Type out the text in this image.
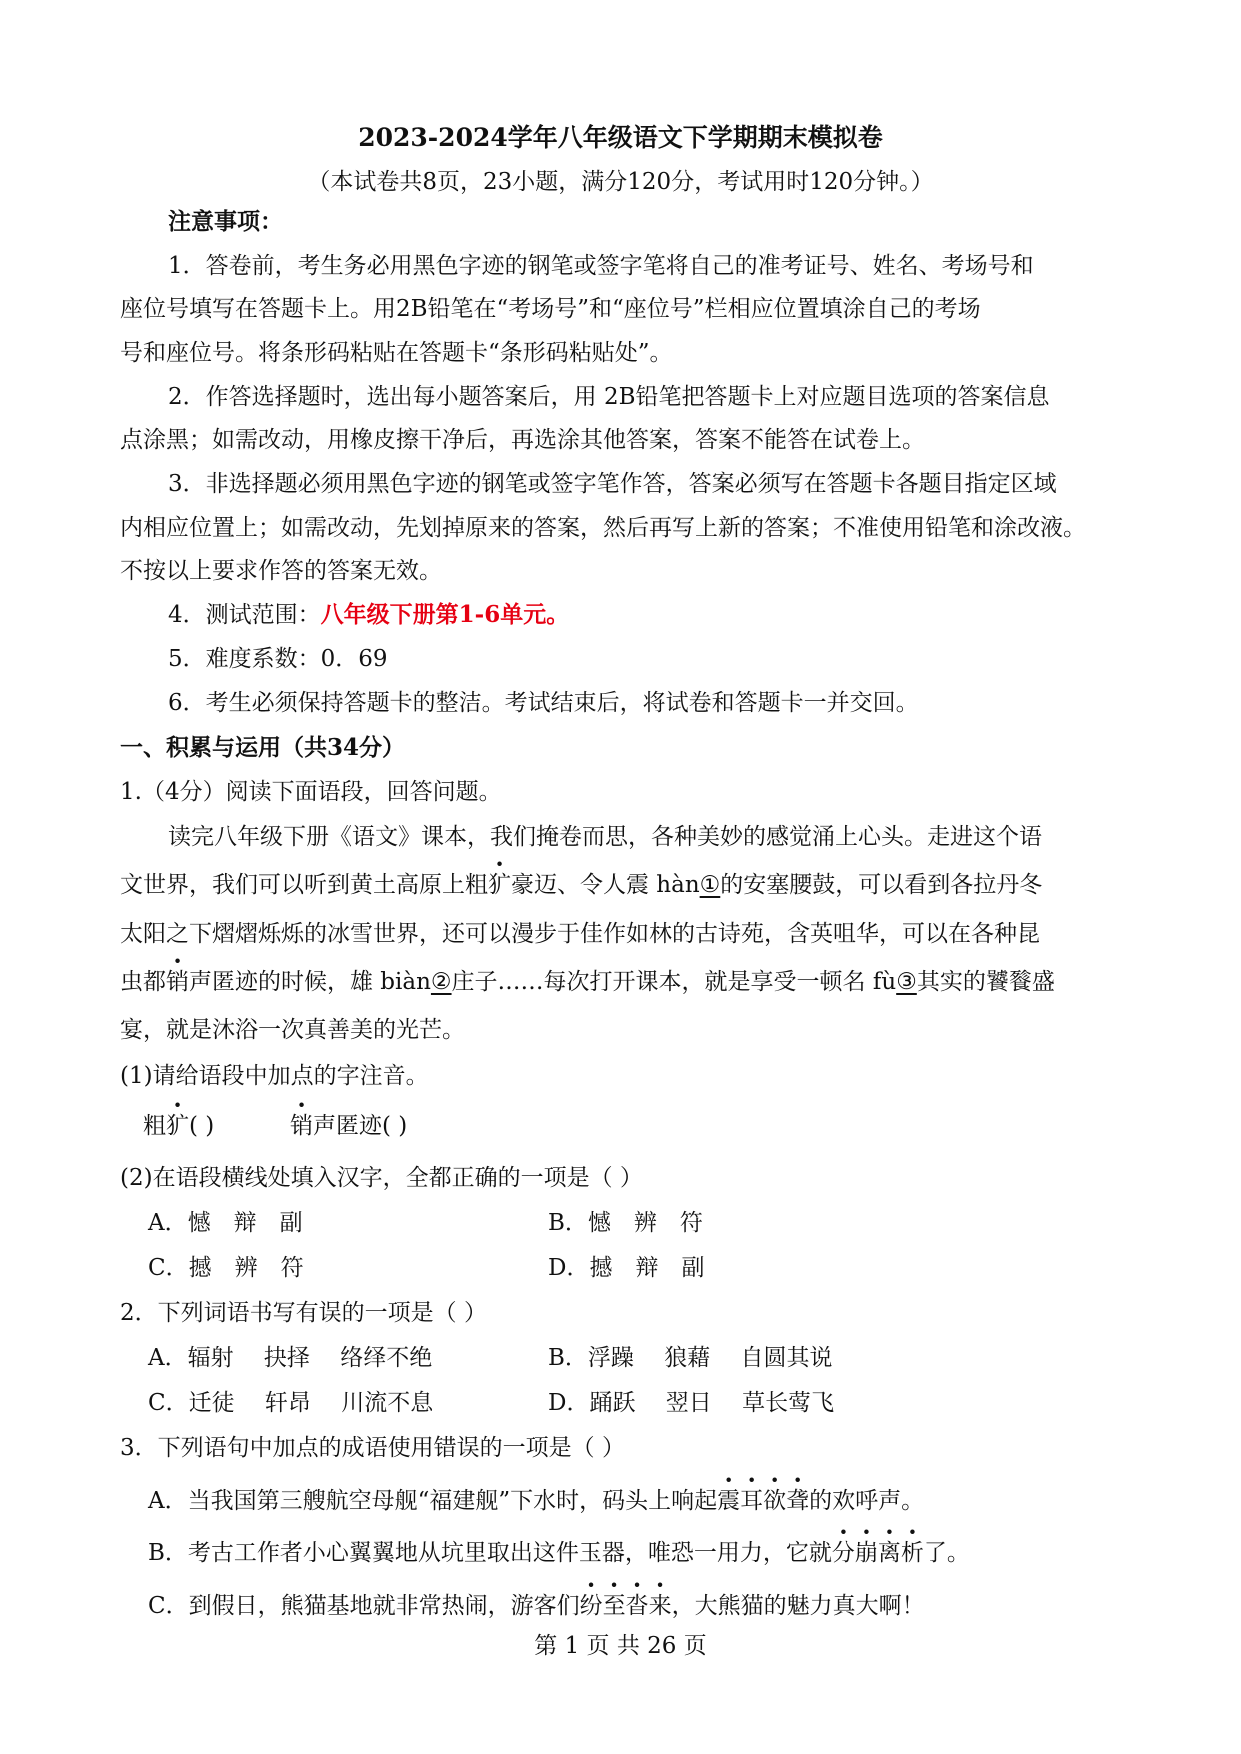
2023-2024学年八年级语文下学期期末模拟卷
（本试卷共8页，23小题，满分120分，考试用时120分钟。）
注意事项：
1．答卷前，考生务必用黑色字迹的钢笔或签字笔将自己的准考证号、姓名、考场号和
座位号填写在答题卡上。用2B铅笔在“考场号”和“座位号”栏相应位置填涂自己的考场
号和座位号。将条形码粘贴在答题卡“条形码粘贴处”。
2．作答选择题时，选出每小题答案后，用 2B铅笔把答题卡上对应题目选项的答案信息
点涂黑；如需改动，用橡皮擦干净后，再选涂其他答案，答案不能答在试卷上。
3．非选择题必须用黑色字迹的钢笔或签字笔作答，答案必须写在答题卡各题目指定区域
内相应位置上；如需改动，先划掉原来的答案，然后再写上新的答案；不准使用铅笔和涂改液。
不按以上要求作答的答案无效。
4．测试范围：八年级下册第1-6单元。
5．难度系数：0．69
6．考生必须保持答题卡的整洁。考试结束后，将试卷和答题卡一并交回。
一、积累与运用（共34分）
1.（4分）阅读下面语段，回答问题。
读完八年级下册《语文》课本，我们掩卷而思，各种美妙的感觉涌上心头。走进这个语
文世界，我们可以听到黄土高原上粗犷豪迈、令人震 hàn①的安塞腰鼓，可以看到各拉丹冬
太阳之下熠熠烁烁的冰雪世界，还可以漫步于佳作如林的古诗苑，含英咀华，可以在各种昆
虫都销声匿迹的时候，雄 biàn②庄子……每次打开课本，就是享受一顿名 fù③其实的饕餮盛
宴，就是沐浴一次真善美的光芒。
(1)请给语段中加点的字注音。
粗犷( )	销声匿迹( )
(2)在语段横线处填入汉字，全都正确的一项是（ ）
A．憾　辩　副	B．憾　辨　符
C．撼　辨　符	D．撼　辩　副
2．下列词语书写有误的一项是（ ）
A．辐射　 抉择　 络绎不绝	B．浮躁　 狼藉　 自圆其说
C．迁徒　 轩昂　 川流不息	D．踊跃　 翌日　 草长莺飞
3．下列语句中加点的成语使用错误的一项是（ ）
A．当我国第三艘航空母舰“福建舰”下水时，码头上响起震耳欲聋的欢呼声。
B．考古工作者小心翼翼地从坑里取出这件玉器，唯恐一用力，它就分崩离析了。
C．到假日，熊猫基地就非常热闹，游客们纷至沓来，大熊猫的魅力真大啊！
第 1 页 共 26 页
